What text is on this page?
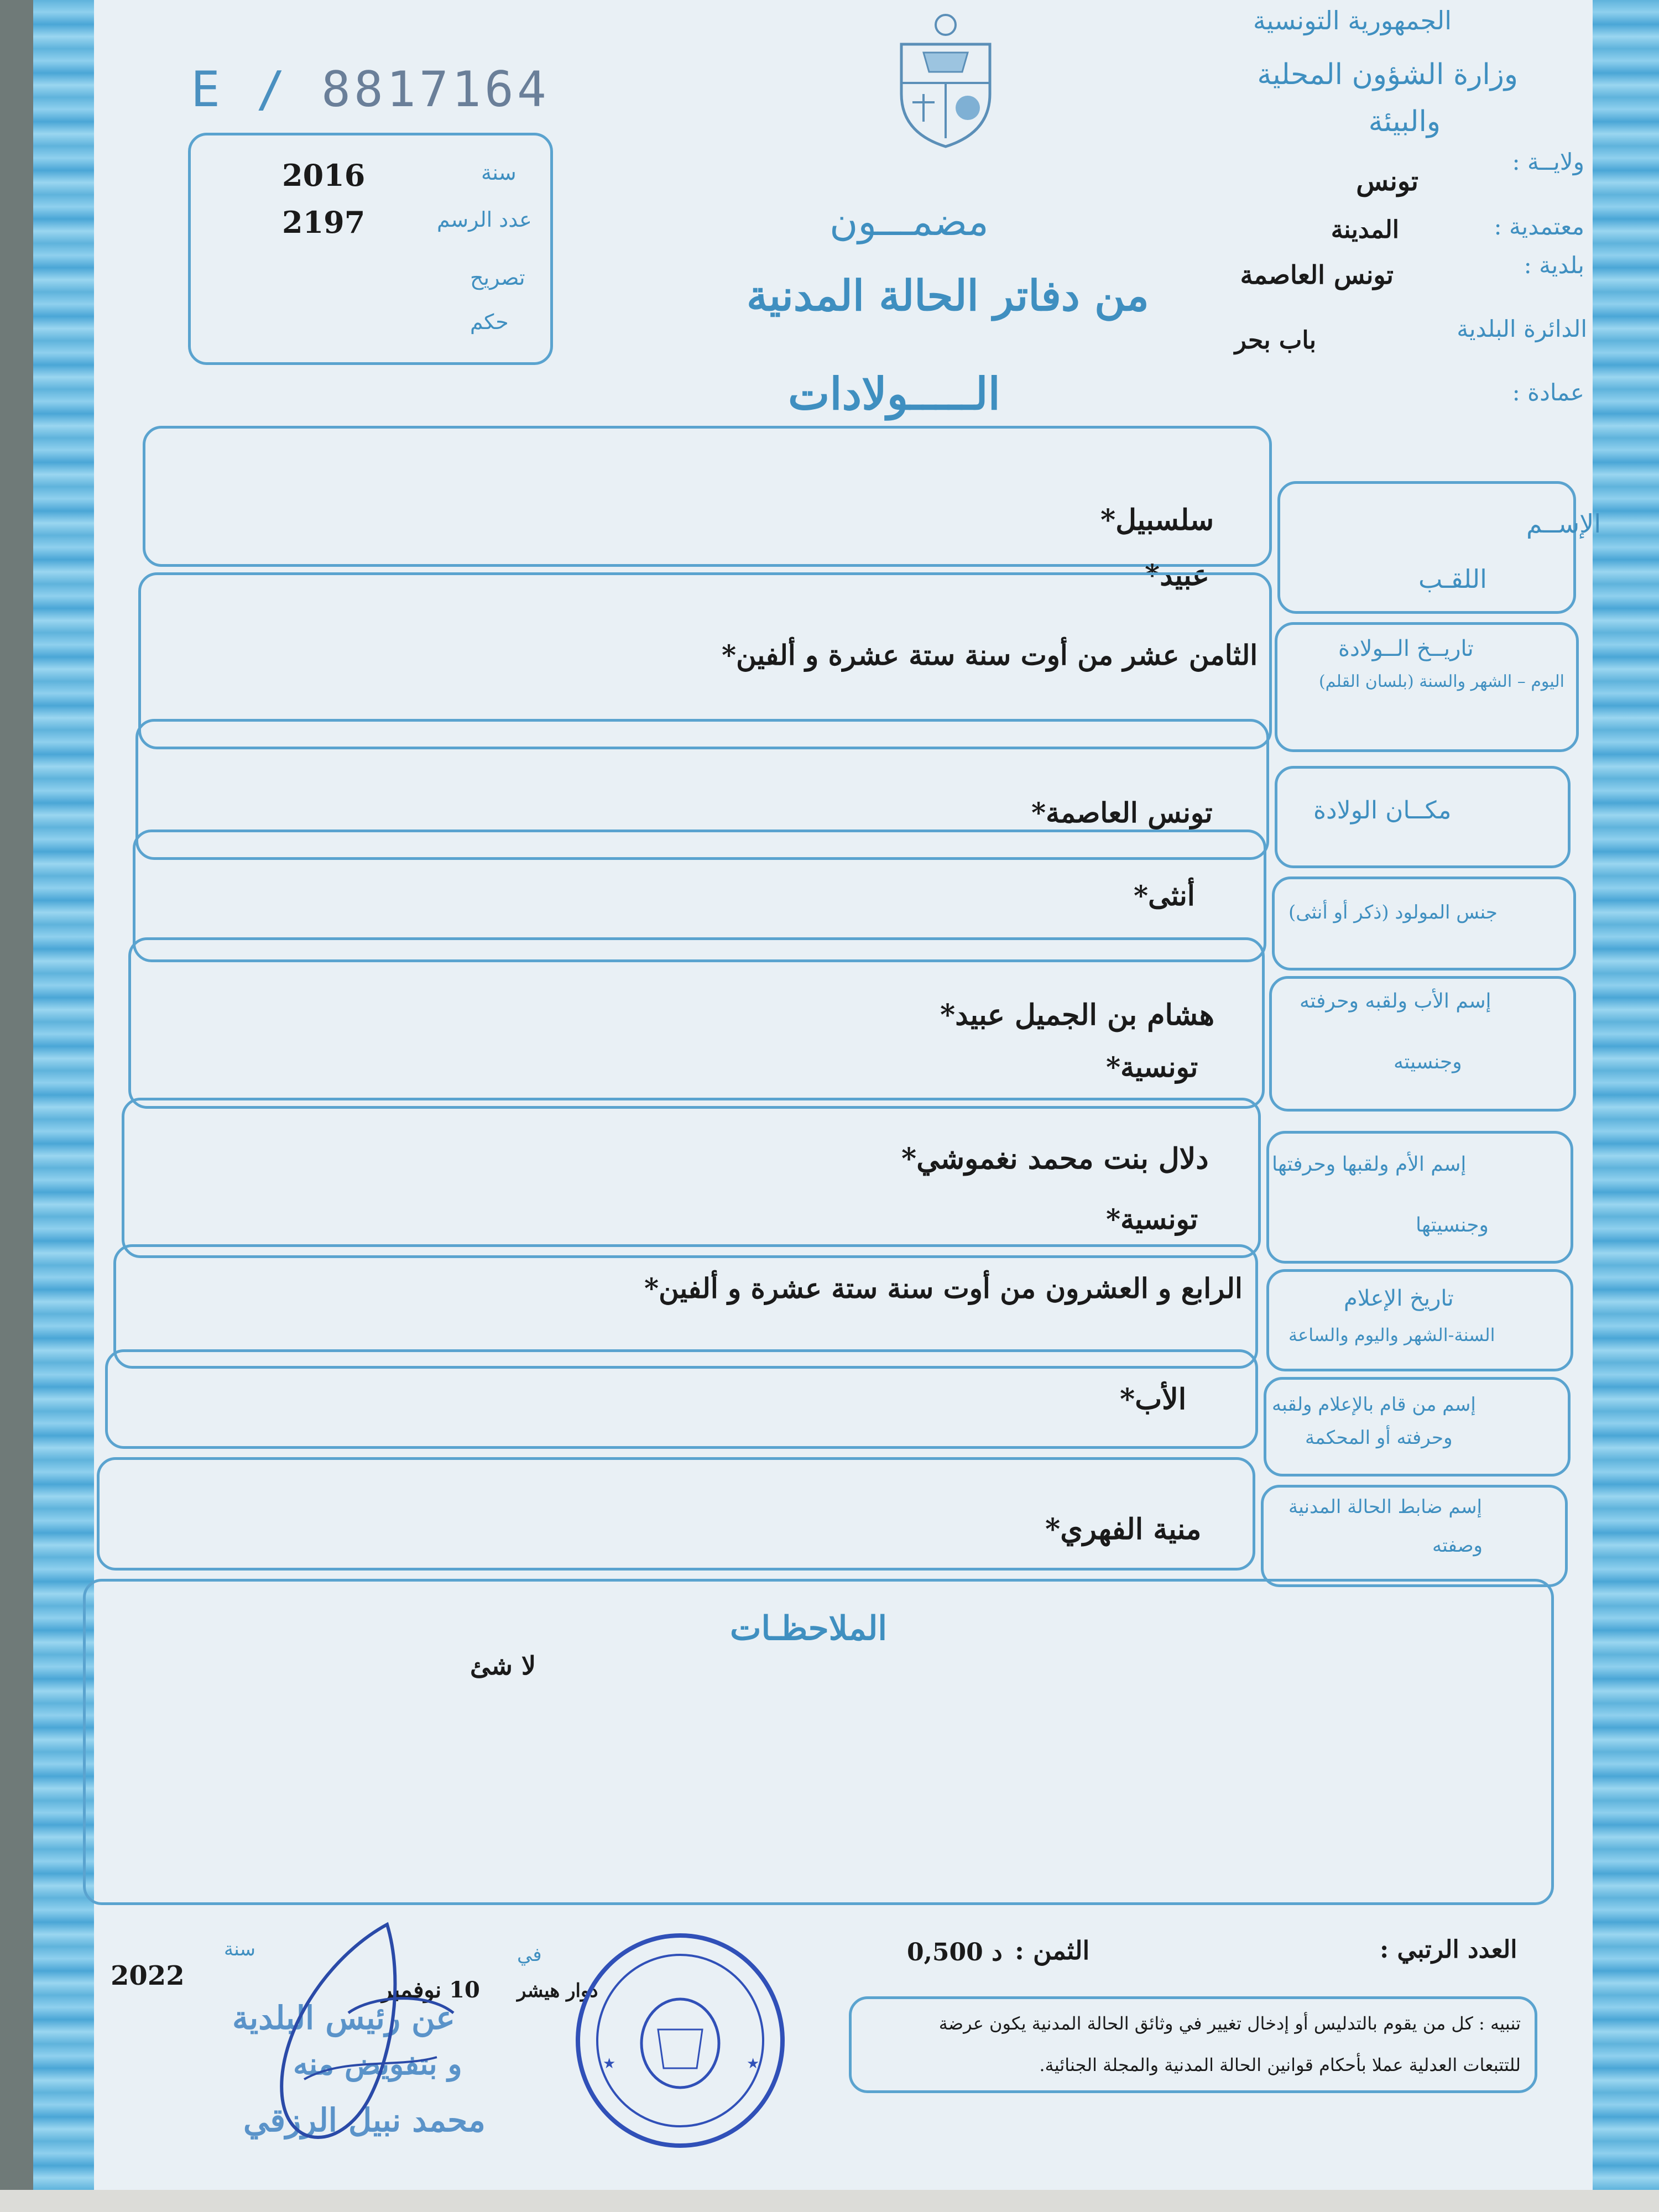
E / 8817164
الجمهورية التونسية
وزارة الشؤون المحلية
والبيئة
ولايــة :
تونس
معتمدية :
المدينة
بلدية :
تونس العاصمة
الدائرة البلدية
باب بحر
عمادة :
سنة
2016
عدد الرسم
2197
تصريح
حكم
مضمـــون
من دفاتر الحالة المدنية
الـــــولادات
الإســم
اللقـب
سلسبيل*
عبيد*
تاريــخ الــولادة
اليوم – الشهر والسنة (بلسان القلم)
الثامن عشر من أوت سنة ستة عشرة و ألفين*
مكــان الولادة
تونس العاصمة*
جنس المولود (ذكر أو أنثى)
أنثى*
إسم الأب ولقبه وحرفته
وجنسيته
هشام بن الجميل عبيد*
تونسية*
إسم الأم ولقبها وحرفتها
وجنسيتها
دلال بنت محمد نغموشي*
تونسية*
تاريخ الإعلام
السنة-الشهر واليوم والساعة
الرابع و العشرون من أوت سنة ستة عشرة و ألفين*
إسم من قام بالإعلام ولقبه
وحرفته أو المحكمة
الأب*
إسم ضابط الحالة المدنية
وصفته
منية الفهري*
الملاحظـات
لا شئ
العدد الرتبي :
الثمن :
0,500 د
تنبيه : كل من يقوم بالتدليس أو إدخال تغيير في وثائق الحالة المدنية يكون عرضة
للتتبعات العدلية عملا بأحكام قوانين الحالة المدنية والمجلة الجنائية.
في
سنة
2022	10 نوفمبر دوار هيشر
عن رئيس البلدية
و بتفويض منه
محمد نبيل الرزقي
★	★
